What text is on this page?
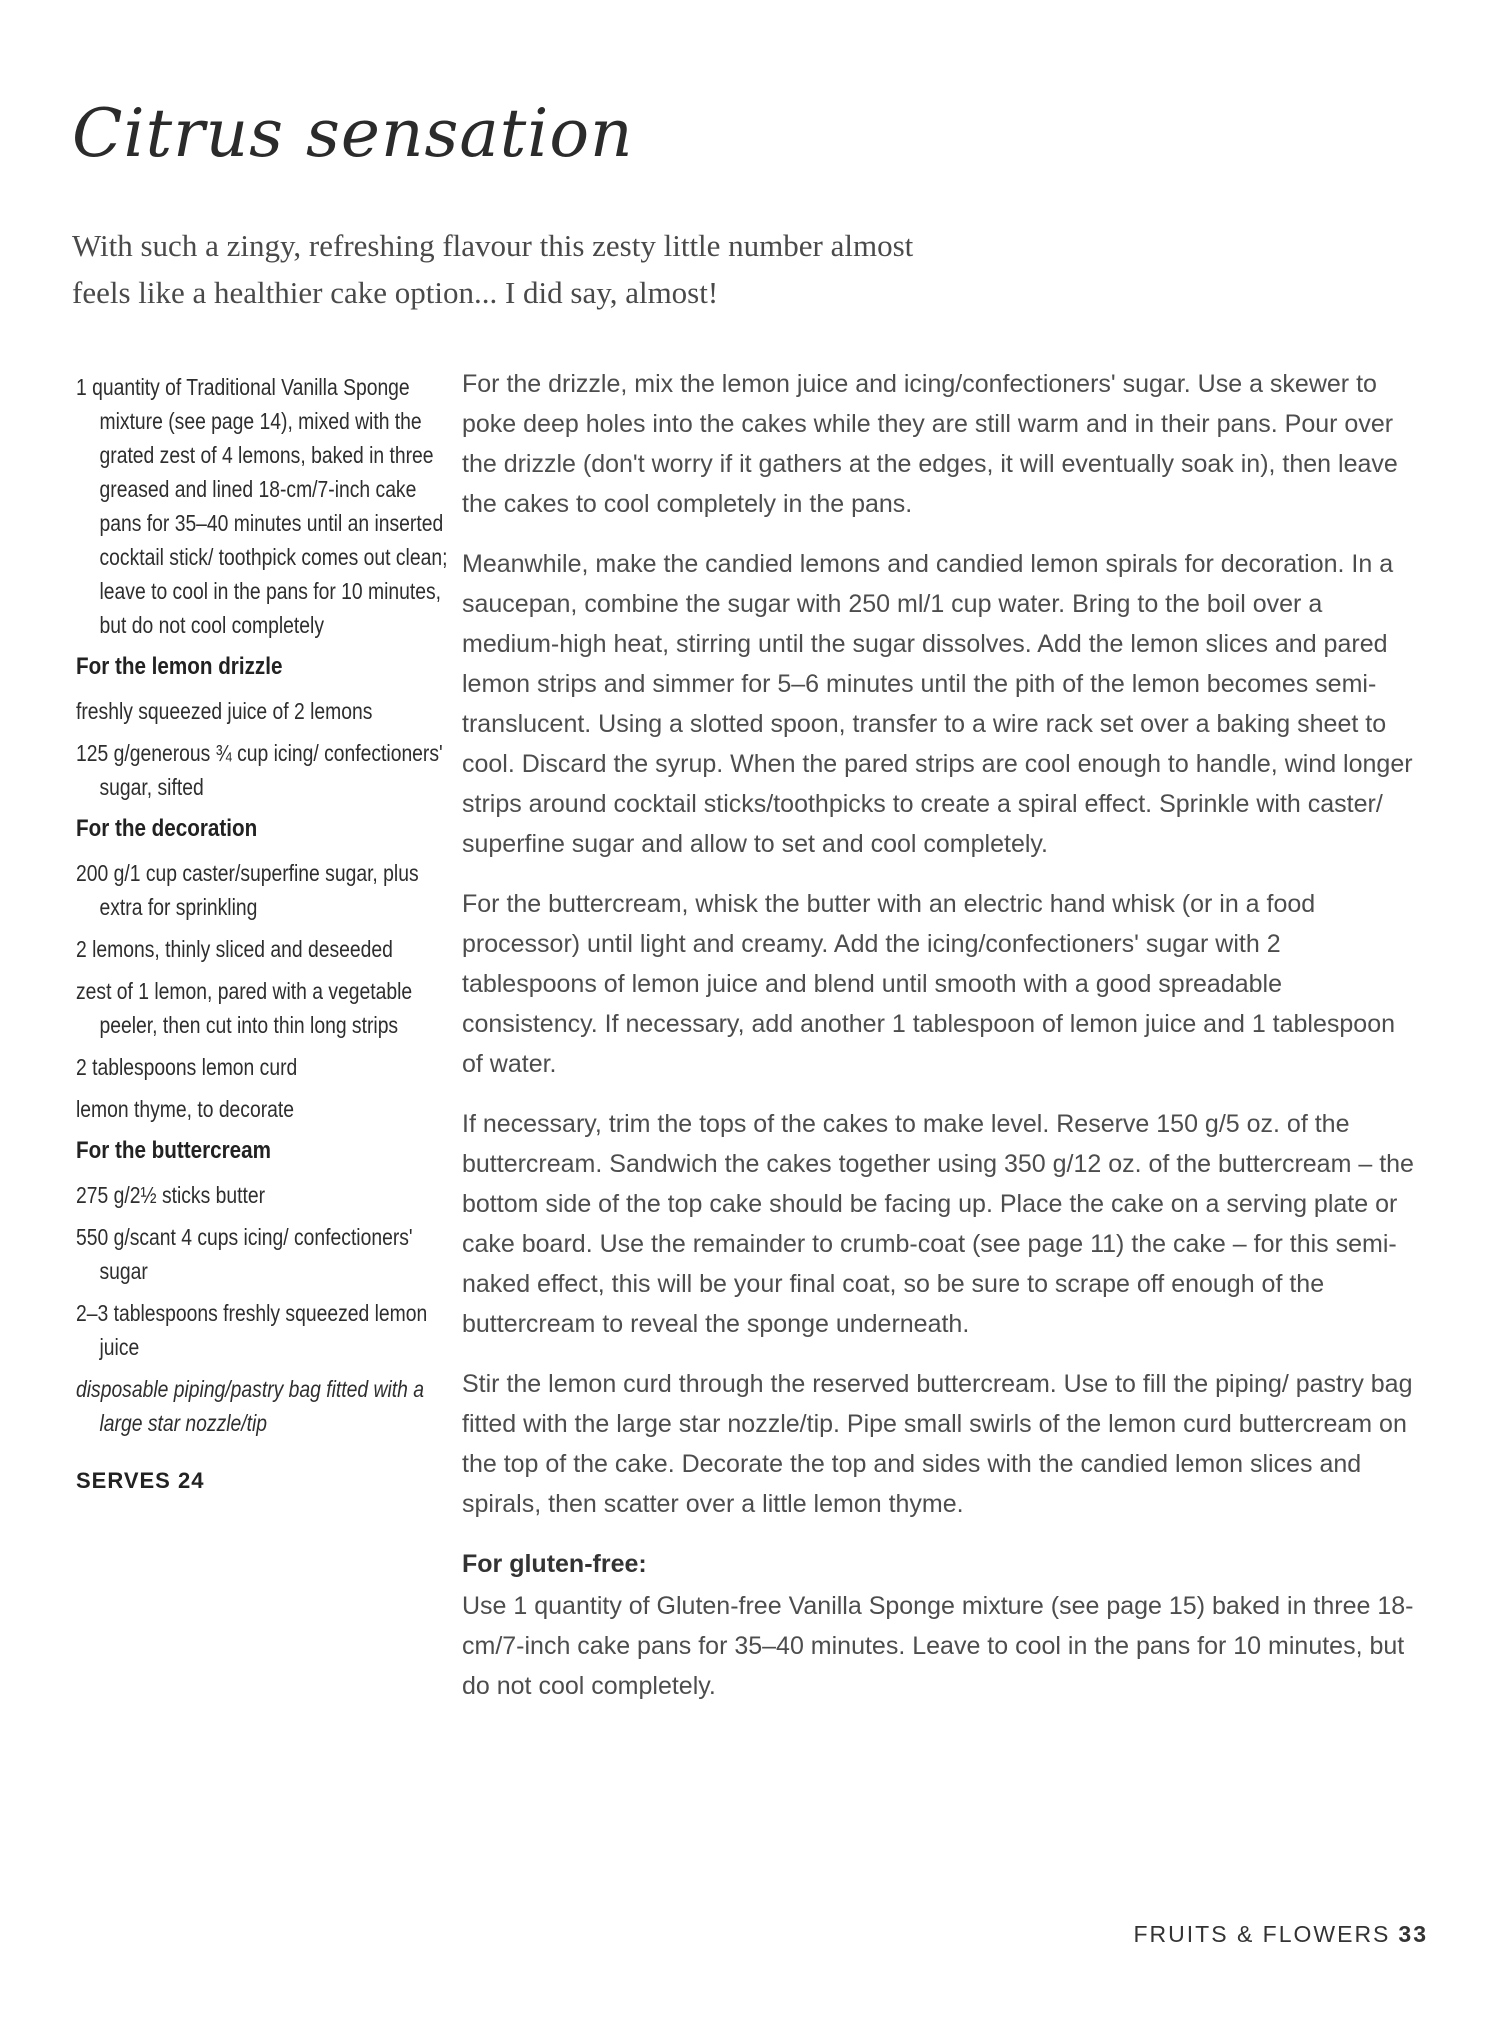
Citrus sensation

With such a zingy, refreshing flavour this zesty little number almost feels like a healthier cake option... I did say, almost!

1 quantity of Traditional Vanilla Sponge mixture (see page 14), mixed with the grated zest of 4 lemons, baked in three greased and lined 18-cm/7-inch cake pans for 35–40 minutes until an inserted cocktail stick/ toothpick comes out clean; leave to cool in the pans for 10 minutes, but do not cool completely
For the lemon drizzle
freshly squeezed juice of 2 lemons
125 g/generous ¾ cup icing/ confectioners' sugar, sifted
For the decoration
200 g/1 cup caster/superfine sugar, plus extra for sprinkling
2 lemons, thinly sliced and deseeded
zest of 1 lemon, pared with a vegetable peeler, then cut into thin long strips
2 tablespoons lemon curd
lemon thyme, to decorate
For the buttercream
275 g/2½ sticks butter
550 g/scant 4 cups icing/ confectioners' sugar
2–3 tablespoons freshly squeezed lemon juice
disposable piping/pastry bag fitted with a large star nozzle/tip
SERVES 24

For the drizzle, mix the lemon juice and icing/confectioners' sugar. Use a skewer to poke deep holes into the cakes while they are still warm and in their pans. Pour over the drizzle (don't worry if it gathers at the edges, it will eventually soak in), then leave the cakes to cool completely in the pans.

Meanwhile, make the candied lemons and candied lemon spirals for decoration. In a saucepan, combine the sugar with 250 ml/1 cup water. Bring to the boil over a medium-high heat, stirring until the sugar dissolves. Add the lemon slices and pared lemon strips and simmer for 5–6 minutes until the pith of the lemon becomes semi-translucent. Using a slotted spoon, transfer to a wire rack set over a baking sheet to cool. Discard the syrup. When the pared strips are cool enough to handle, wind longer strips around cocktail sticks/toothpicks to create a spiral effect. Sprinkle with caster/ superfine sugar and allow to set and cool completely.

For the buttercream, whisk the butter with an electric hand whisk (or in a food processor) until light and creamy. Add the icing/confectioners' sugar with 2 tablespoons of lemon juice and blend until smooth with a good spreadable consistency. If necessary, add another 1 tablespoon of lemon juice and 1 tablespoon of water.

If necessary, trim the tops of the cakes to make level. Reserve 150 g/5 oz. of the buttercream. Sandwich the cakes together using 350 g/12 oz. of the buttercream – the bottom side of the top cake should be facing up. Place the cake on a serving plate or cake board. Use the remainder to crumb-coat (see page 11) the cake – for this semi-naked effect, this will be your final coat, so be sure to scrape off enough of the buttercream to reveal the sponge underneath.

Stir the lemon curd through the reserved buttercream. Use to fill the piping/ pastry bag fitted with the large star nozzle/tip. Pipe small swirls of the lemon curd buttercream on the top of the cake. Decorate the top and sides with the candied lemon slices and spirals, then scatter over a little lemon thyme.

For gluten-free:

Use 1 quantity of Gluten-free Vanilla Sponge mixture (see page 15) baked in three 18-cm/7-inch cake pans for 35–40 minutes. Leave to cool in the pans for 10 minutes, but do not cool completely.

FRUITS & FLOWERS 33
